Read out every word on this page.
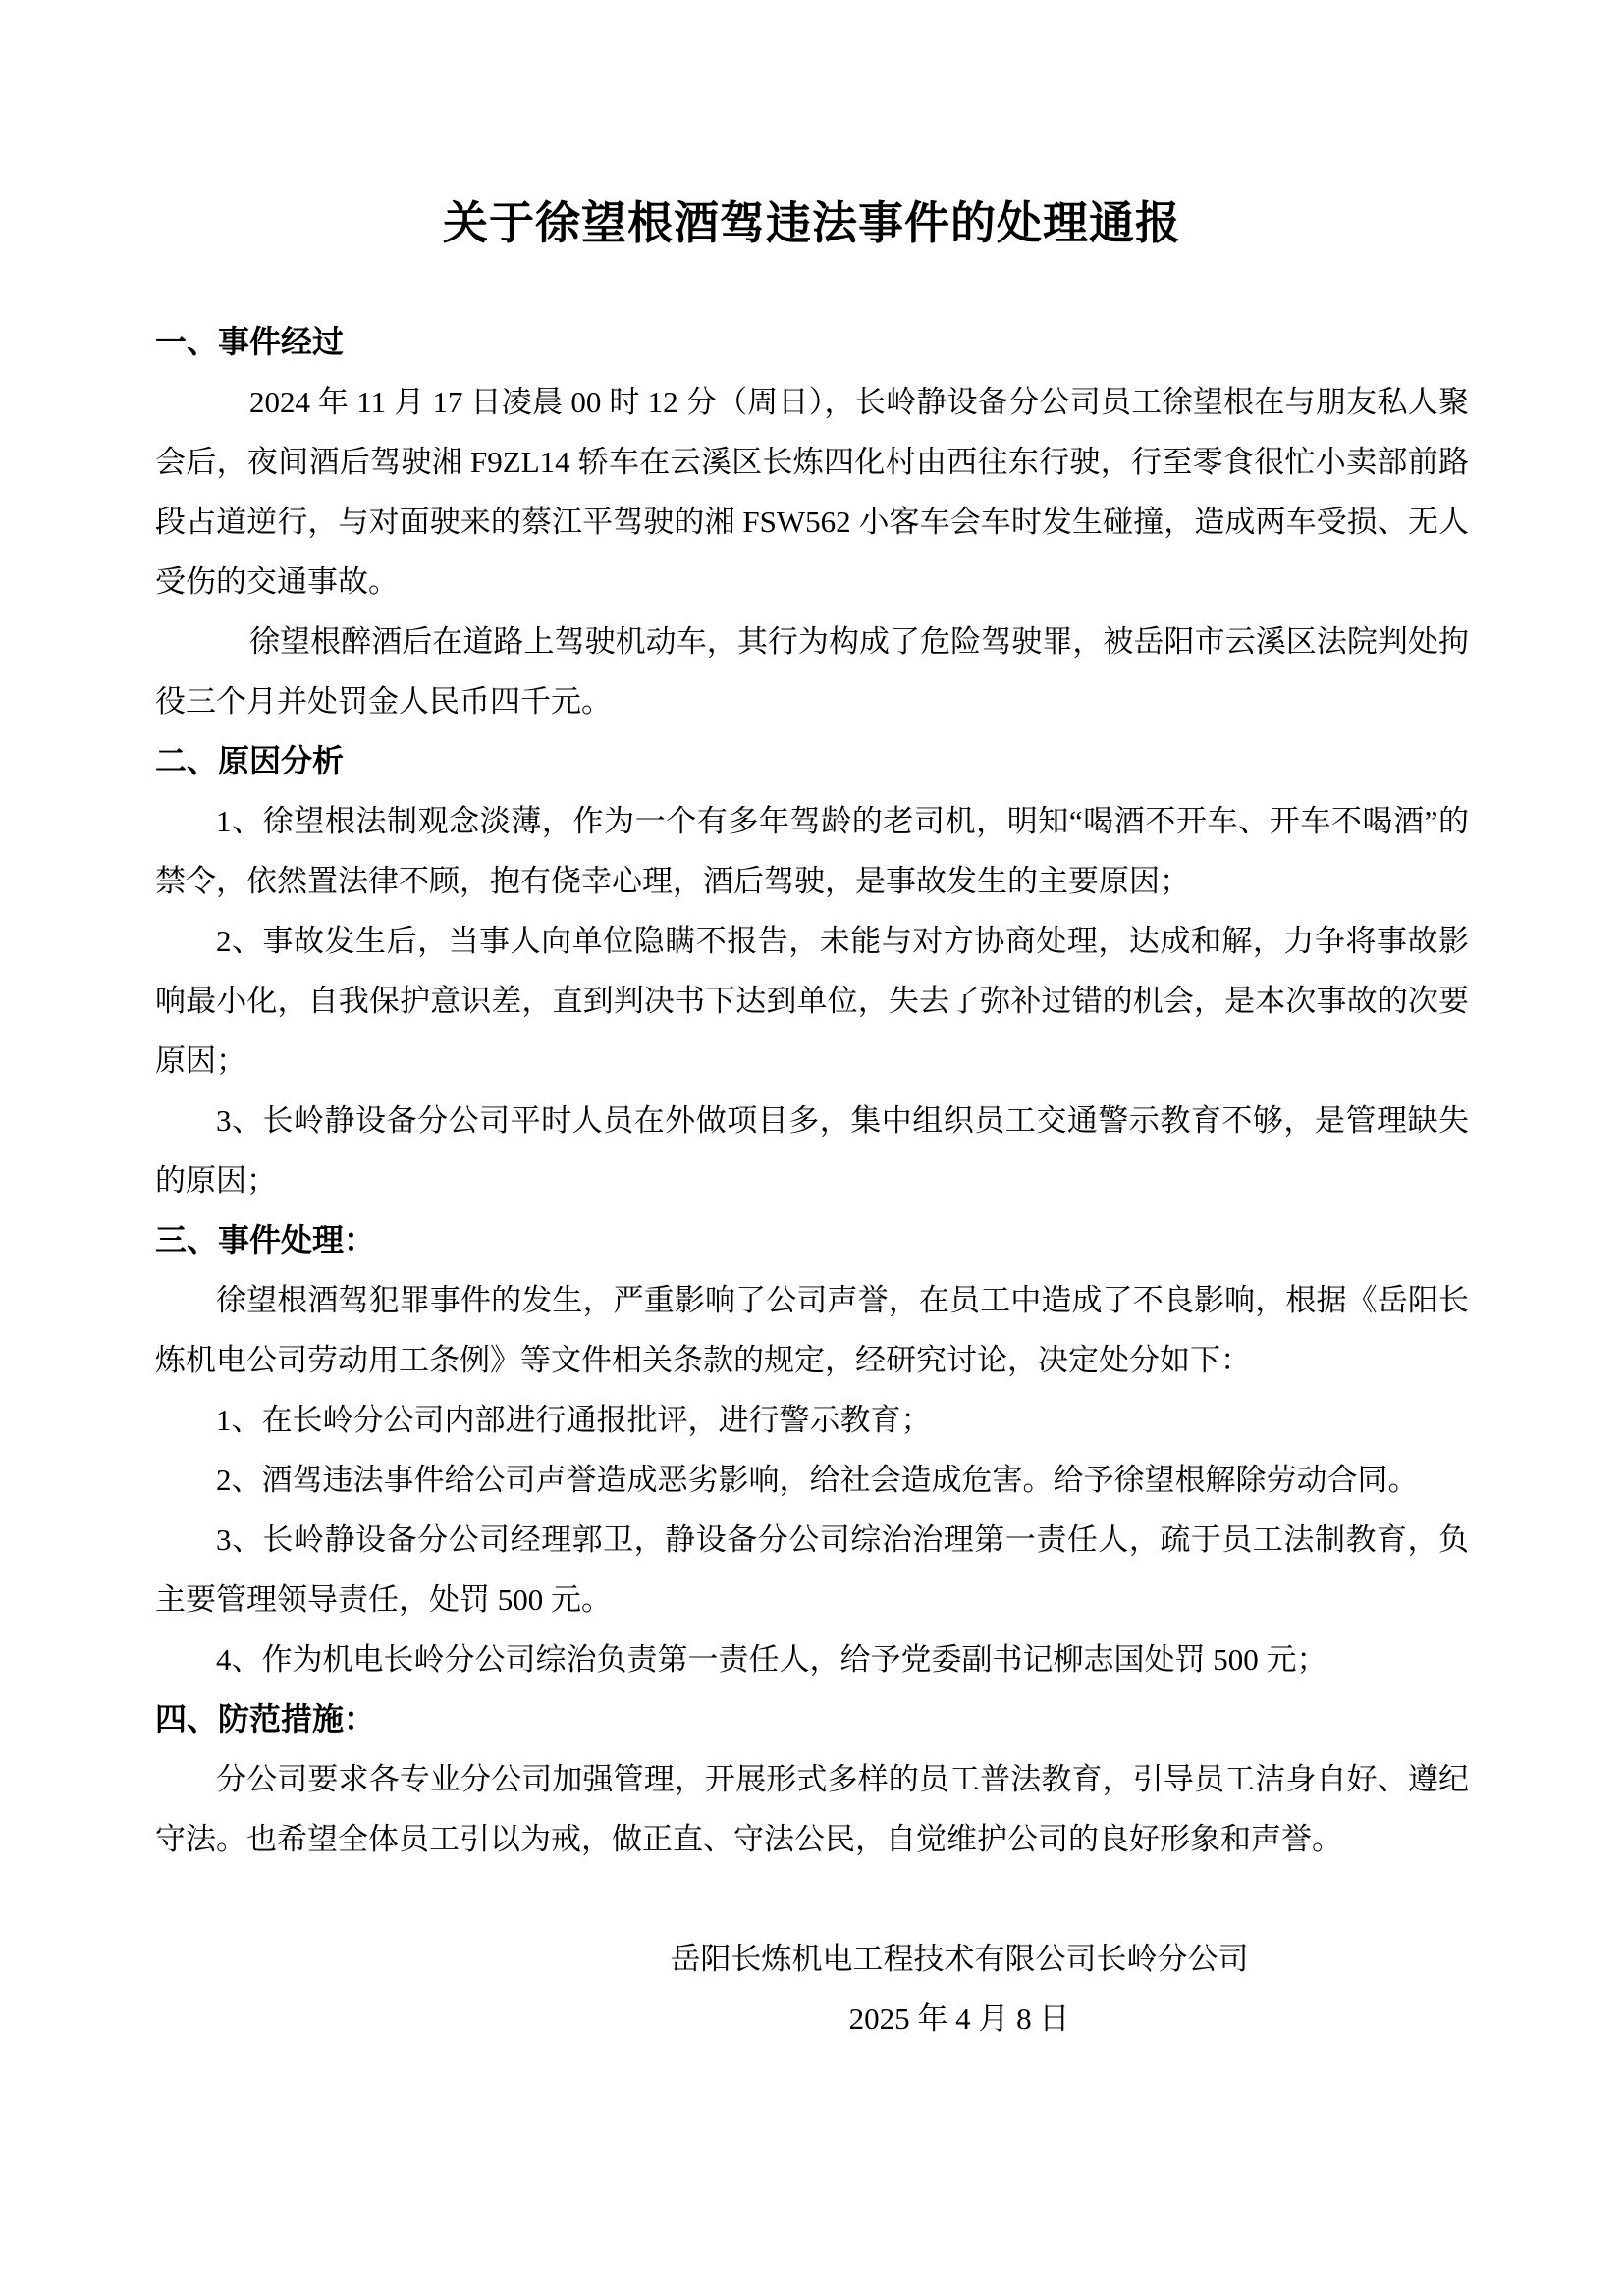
关于徐望根酒驾违法事件的处理通报
一、事件经过

2024 年 11 月 17 日凌晨 00 时 12 分（周日），长岭静设备分公司员工徐望根在与朋友私人聚会后，夜间酒后驾驶湘 F9ZL14 轿车在云溪区长炼四化村由西往东行驶，行至零食很忙小卖部前路段占道逆行，与对面驶来的蔡江平驾驶的湘 FSW562 小客车会车时发生碰撞，造成两车受损、无人受伤的交通事故。

徐望根醉酒后在道路上驾驶机动车，其行为构成了危险驾驶罪，被岳阳市云溪区法院判处拘役三个月并处罚金人民币四千元。

二、原因分析

1、徐望根法制观念淡薄，作为一个有多年驾龄的老司机，明知“喝酒不开车、开车不喝酒”的禁令，依然置法律不顾，抱有侥幸心理，酒后驾驶，是事故发生的主要原因；

2、事故发生后，当事人向单位隐瞒不报告，未能与对方协商处理，达成和解，力争将事故影响最小化，自我保护意识差，直到判决书下达到单位，失去了弥补过错的机会，是本次事故的次要原因；

3、长岭静设备分公司平时人员在外做项目多，集中组织员工交通警示教育不够，是管理缺失的原因；

三、事件处理：

徐望根酒驾犯罪事件的发生，严重影响了公司声誉，在员工中造成了不良影响，根据《岳阳长炼机电公司劳动用工条例》等文件相关条款的规定，经研究讨论，决定处分如下：

1、在长岭分公司内部进行通报批评，进行警示教育；

2、酒驾违法事件给公司声誉造成恶劣影响，给社会造成危害。给予徐望根解除劳动合同。

3、长岭静设备分公司经理郭卫，静设备分公司综治治理第一责任人，疏于员工法制教育，负主要管理领导责任，处罚 500 元。

4、作为机电长岭分公司综治负责第一责任人，给予党委副书记柳志国处罚 500 元；

四、防范措施：

分公司要求各专业分公司加强管理，开展形式多样的员工普法教育，引导员工洁身自好、遵纪守法。也希望全体员工引以为戒，做正直、守法公民，自觉维护公司的良好形象和声誉。

岳阳长炼机电工程技术有限公司长岭分公司

2025 年 4 月 8 日
